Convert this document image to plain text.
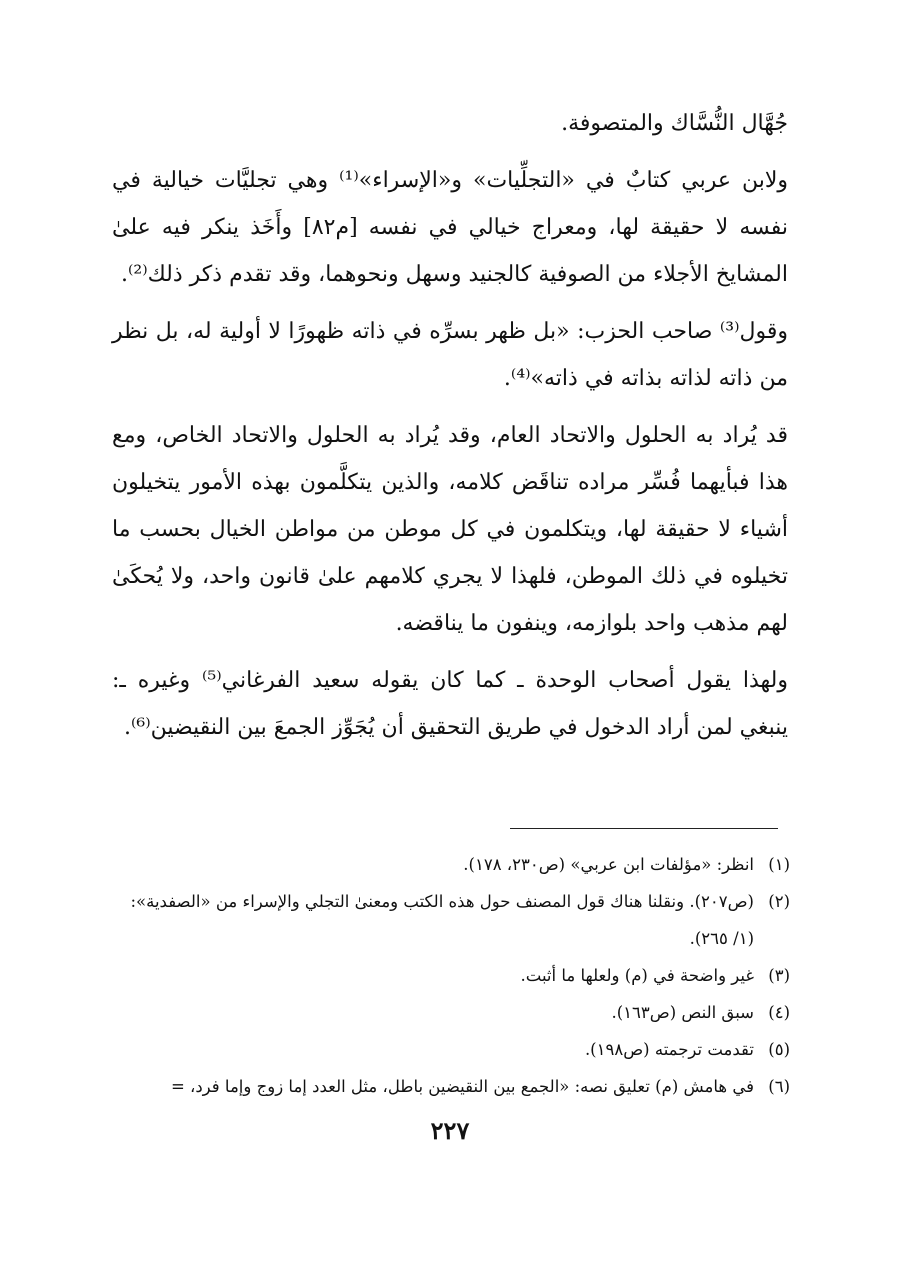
جُهَّال النُّسَّاك والمتصوفة.

ولابن عربي كتابٌ في «التجلِّيات» و«الإسراء»⁽¹⁾ وهي تجليَّات خيالية في نفسه لا حقيقة لها، ومعراج خيالي في نفسه [م٨٢] وأَخَذ ينكر فيه علىٰ المشايخ الأجلاء من الصوفية كالجنيد وسهل ونحوهما، وقد تقدم ذكر ذلك⁽²⁾.

وقول⁽³⁾ صاحب الحزب: «بل ظهر بسرِّه في ذاته ظهورًا لا أولية له، بل نظر من ذاته لذاته بذاته في ذاته»⁽⁴⁾.

قد يُراد به الحلول والاتحاد العام، وقد يُراد به الحلول والاتحاد الخاص، ومع هذا فبأيهما فُسِّر مراده تناقَض كلامه، والذين يتكلَّمون بهذه الأمور يتخيلون أشياء لا حقيقة لها، ويتكلمون في كل موطن من مواطن الخيال بحسب ما تخيلوه في ذلك الموطن، فلهذا لا يجري كلامهم علىٰ قانون واحد، ولا يُحكَىٰ لهم مذهب واحد بلوازمه، وينفون ما يناقضه.

ولهذا يقول أصحاب الوحدة ـ كما كان يقوله سعيد الفرغاني⁽⁵⁾ وغيره ـ: ينبغي لمن أراد الدخول في طريق التحقيق أن يُجَوِّز الجمعَ بين النقيضين⁽⁶⁾.

(١)
انظر: «مؤلفات ابن عربي» (ص٢٣٠، ١٧٨).
(٢)
(ص٢٠٧). ونقلنا هناك قول المصنف حول هذه الكتب ومعنىٰ التجلي والإسراء من «الصفدية»: (١/ ٢٦٥).
(٣)
غير واضحة في (م) ولعلها ما أثبت.
(٤)
سبق النص (ص١٦٣).
(٥)
تقدمت ترجمته (ص١٩٨).
(٦)
في هامش (م) تعليق نصه: «الجمع بين النقيضين باطل، مثل العدد إما زوج وإما فرد، =
٢٢٧
